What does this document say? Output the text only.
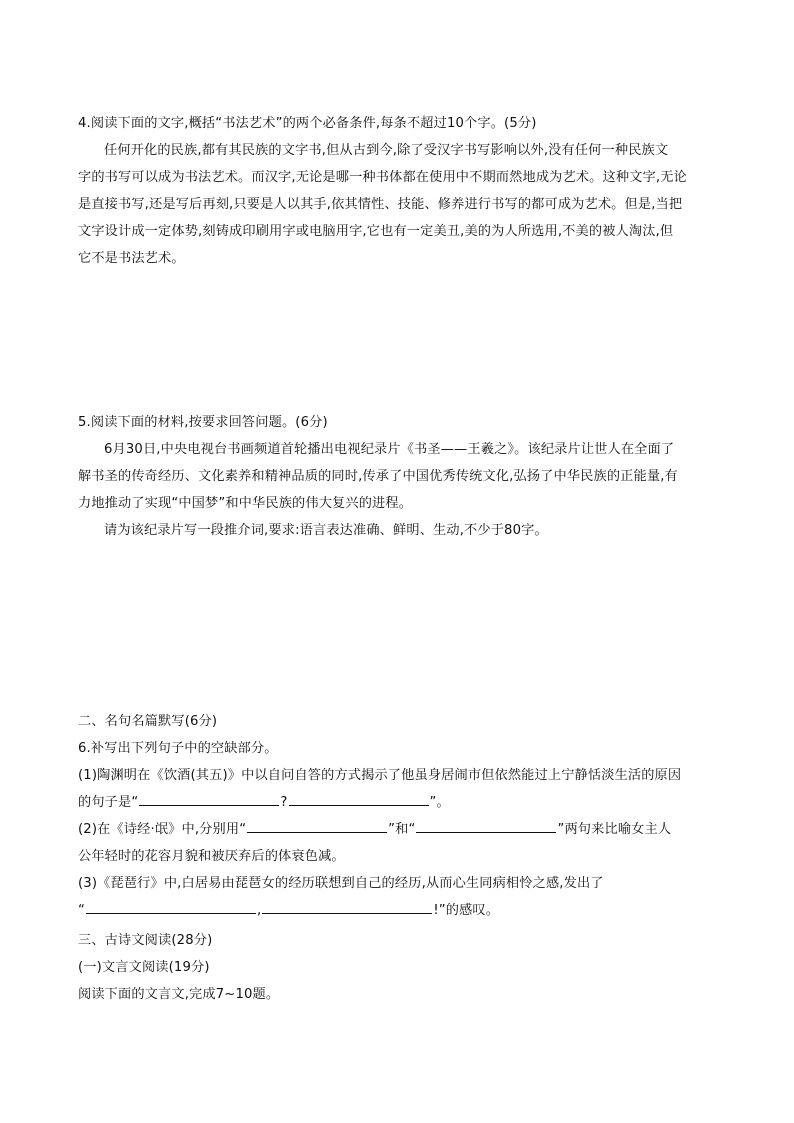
4.阅读下面的文字,概括“书法艺术”的两个必备条件,每条不超过10个字。(5分)
任何开化的民族,都有其民族的文字书,但从古到今,除了受汉字书写影响以外,没有任何一种民族文
字的书写可以成为书法艺术。而汉字,无论是哪一种书体都在使用中不期而然地成为艺术。这种文字,无论
是直接书写,还是写后再刻,只要是人以其手,依其情性、技能、修养进行书写的都可成为艺术。但是,当把
文字设计成一定体势,刻铸成印刷用字或电脑用字,它也有一定美丑,美的为人所选用,不美的被人淘汰,但
它不是书法艺术。
5.阅读下面的材料,按要求回答问题。(6分)
6月30日,中央电视台书画频道首轮播出电视纪录片《书圣——王羲之》。该纪录片让世人在全面了
解书圣的传奇经历、文化素养和精神品质的同时,传承了中国优秀传统文化,弘扬了中华民族的正能量,有
力地推动了实现“中国梦”和中华民族的伟大复兴的进程。
请为该纪录片写一段推介词,要求:语言表达准确、鲜明、生动,不少于80字。
二、名句名篇默写(6分)
6.补写出下列句子中的空缺部分。
(1)陶渊明在《饮酒(其五)》中以自问自答的方式揭示了他虽身居闹市但依然能过上宁静恬淡生活的原因
的句子是“	?	”。
(2)在《诗经·氓》中,分别用“	”和“	”两句来比喻女主人
公年轻时的花容月貌和被厌弃后的体衰色减。
(3)《琵琶行》中,白居易由琵琶女的经历联想到自己的经历,从而心生同病相怜之感,发出了
“	,	!”的感叹。
三、古诗文阅读(28分)
(一)文言文阅读(19分)
阅读下面的文言文,完成7~10题。
